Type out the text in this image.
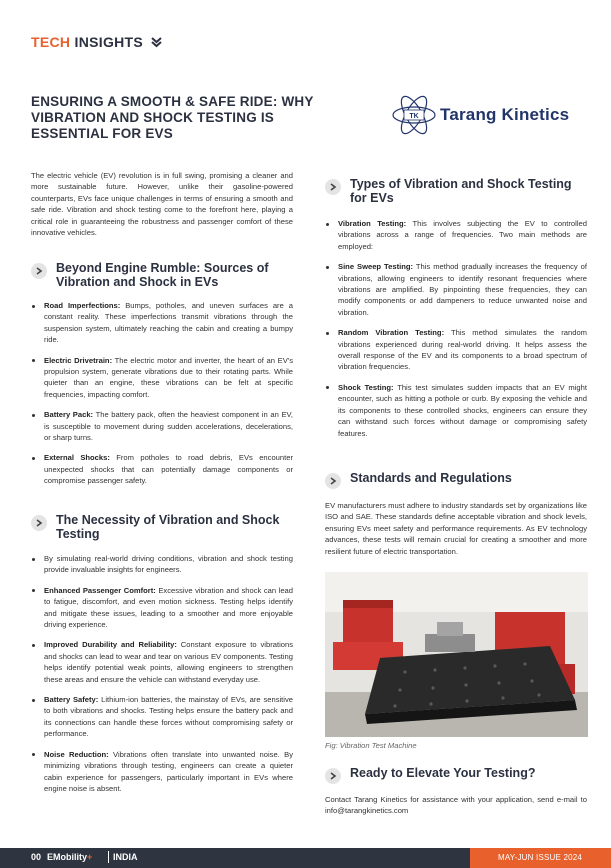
TECH INSIGHTS
ENSURING A SMOOTH & SAFE RIDE: WHY VIBRATION AND SHOCK TESTING IS ESSENTIAL FOR EVS
TK Tarang Kinetics
The electric vehicle (EV) revolution is in full swing, promising a cleaner and more sustainable future. However, unlike their gasoline-powered counterparts, EVs face unique challenges in terms of ensuring a smooth and safe ride. Vibration and shock testing come to the forefront here, playing a critical role in guaranteeing the robustness and passenger comfort of these innovative vehicles.
Beyond Engine Rumble: Sources of Vibration and Shock in EVs
Road Imperfections: Bumps, potholes, and uneven surfaces are a constant reality. These imperfections transmit vibrations through the suspension system, ultimately reaching the cabin and creating a bumpy ride.
Electric Drivetrain: The electric motor and inverter, the heart of an EV's propulsion system, generate vibrations due to their rotating parts. While quieter than an engine, these vibrations can be felt at specific frequencies, impacting comfort.
Battery Pack: The battery pack, often the heaviest component in an EV, is susceptible to movement during sudden accelerations, decelerations, or sharp turns.
External Shocks: From potholes to road debris, EVs encounter unexpected shocks that can potentially damage components or compromise passenger safety.
The Necessity of Vibration and Shock Testing
By simulating real-world driving conditions, vibration and shock testing provide invaluable insights for engineers.
Enhanced Passenger Comfort: Excessive vibration and shock can lead to fatigue, discomfort, and even motion sickness. Testing helps identify and mitigate these issues, leading to a smoother and more enjoyable driving experience.
Improved Durability and Reliability: Constant exposure to vibrations and shocks can lead to wear and tear on various EV components. Testing helps identify potential weak points, allowing engineers to strengthen these areas and ensure the vehicle can withstand everyday use.
Battery Safety: Lithium-ion batteries, the mainstay of EVs, are sensitive to both vibrations and shocks. Testing helps ensure the battery pack and its connections can handle these forces without compromising safety or performance.
Noise Reduction: Vibrations often translate into unwanted noise. By minimizing vibrations through testing, engineers can create a quieter cabin experience for passengers, particularly important in EVs where engine noise is absent.
Types of Vibration and Shock Testing for EVs
Vibration Testing: This involves subjecting the EV to controlled vibrations across a range of frequencies. Two main methods are employed:
Sine Sweep Testing: This method gradually increases the frequency of vibrations, allowing engineers to identify resonant frequencies where vibrations are amplified. By pinpointing these frequencies, they can modify components or add dampeners to reduce unwanted noise and vibration.
Random Vibration Testing: This method simulates the random vibrations experienced during real-world driving. It helps assess the overall response of the EV and its components to a broad spectrum of vibration frequencies.
Shock Testing: This test simulates sudden impacts that an EV might encounter, such as hitting a pothole or curb. By exposing the vehicle and its components to these controlled shocks, engineers can ensure they can withstand such forces without damage or compromising safety features.
Standards and Regulations
EV manufacturers must adhere to industry standards set by organizations like ISO and SAE. These standards define acceptable vibration and shock levels, ensuring EVs meet safety and performance requirements. As EV technology advances, these tests will remain crucial for creating a smoother and more resilient future of electric transportation.
Fig: Vibration Test Machine
Ready to Elevate Your Testing?
Contact Tarang Kinetics for assistance with your application, send e-mail to info@tarangkinetics.com
00 EMobility+ INDIA	MAY-JUN ISSUE 2024
